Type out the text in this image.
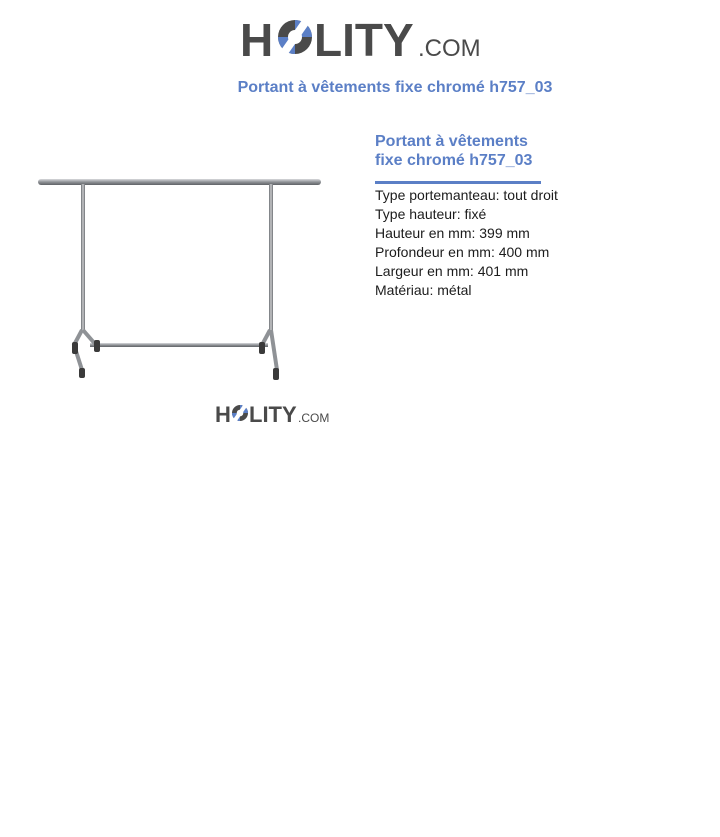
H LITY .COM
Portant à vêtements fixe chromé h757_03
H LITY .COM
Portant à vêtements
fixe chromé h757_03
Type portemanteau: tout droit
Type hauteur: fixé
Hauteur en mm: 399 mm
Profondeur en mm: 400 mm
Largeur en mm: 401 mm
Matériau: métal
